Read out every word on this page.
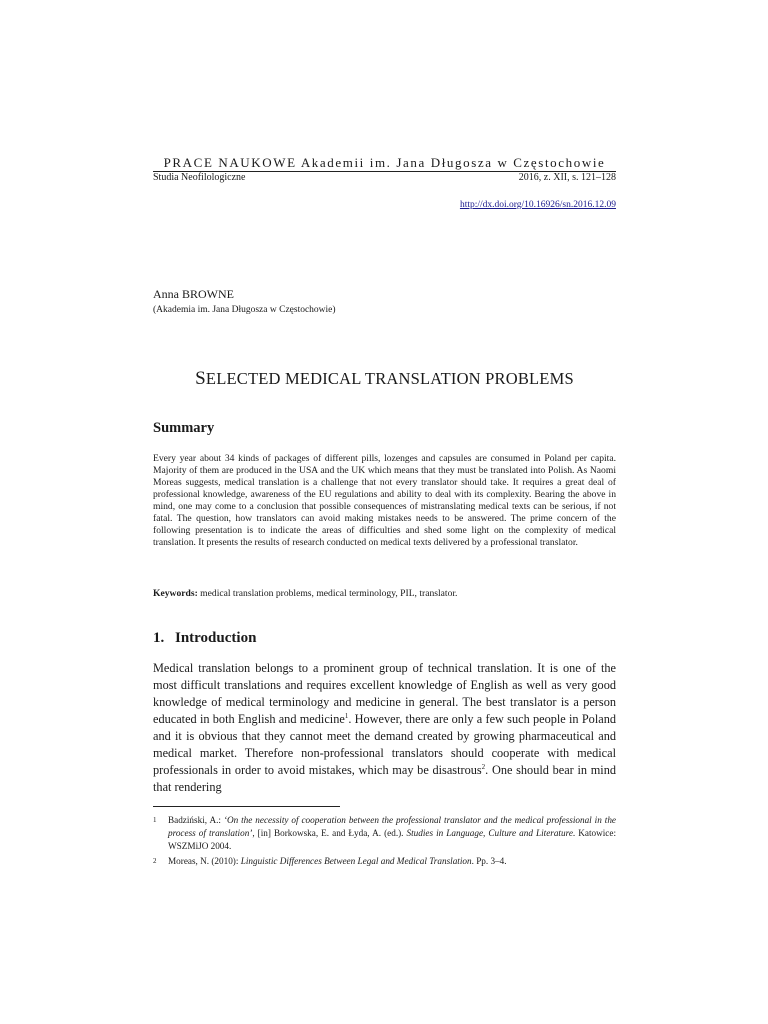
PRACE NAUKOWE Akademii im. Jana Długosza w Częstochowie
Studia Neofilologiczne	2016, z. XII, s. 121–128
http://dx.doi.org/10.16926/sn.2016.12.09
Anna BROWNE
(Akademia im. Jana Długosza w Częstochowie)
SELECTED MEDICAL TRANSLATION PROBLEMS
Summary

Every year about 34 kinds of packages of different pills, lozenges and capsules are consumed in Poland per capita. Majority of them are produced in the USA and the UK which means that they must be translated into Polish. As Naomi Moreas suggests, medical translation is a challenge that not every translator should take. It requires a great deal of professional knowledge, awareness of the EU regulations and ability to deal with its complexity. Bearing the above in mind, one may come to a conclusion that possible consequences of mistranslating medical texts can be serious, if not fatal. The question, how translators can avoid making mistakes needs to be answered. The prime concern of the following presentation is to indicate the areas of difficulties and shed some light on the complexity of medical translation. It presents the results of research conducted on medical texts delivered by a professional translator.

Keywords: medical translation problems, medical terminology, PIL, translator.
1. Introduction

Medical translation belongs to a prominent group of technical translation. It is one of the most difficult translations and requires excellent knowledge of English as well as very good knowledge of medical terminology and medicine in general. The best translator is a person educated in both English and medicine$^1$. However, there are only a few such people in Poland and it is obvious that they cannot meet the demand created by growing pharmaceutical and medical market. Therefore non-professional translators should cooperate with medical professionals in order to avoid mistakes, which may be disastrous$^2$. One should bear in mind that rendering

1	Badziński, A.: ‘On the necessity of cooperation between the professional translator and the medical professional in the process of translation’, [in] Borkowska, E. and Łyda, A. (ed.). Studies in Language, Culture and Literature. Katowice: WSZMiJO 2004.
2	Moreas, N. (2010): Linguistic Differences Between Legal and Medical Translation. Pp. 3–4.
